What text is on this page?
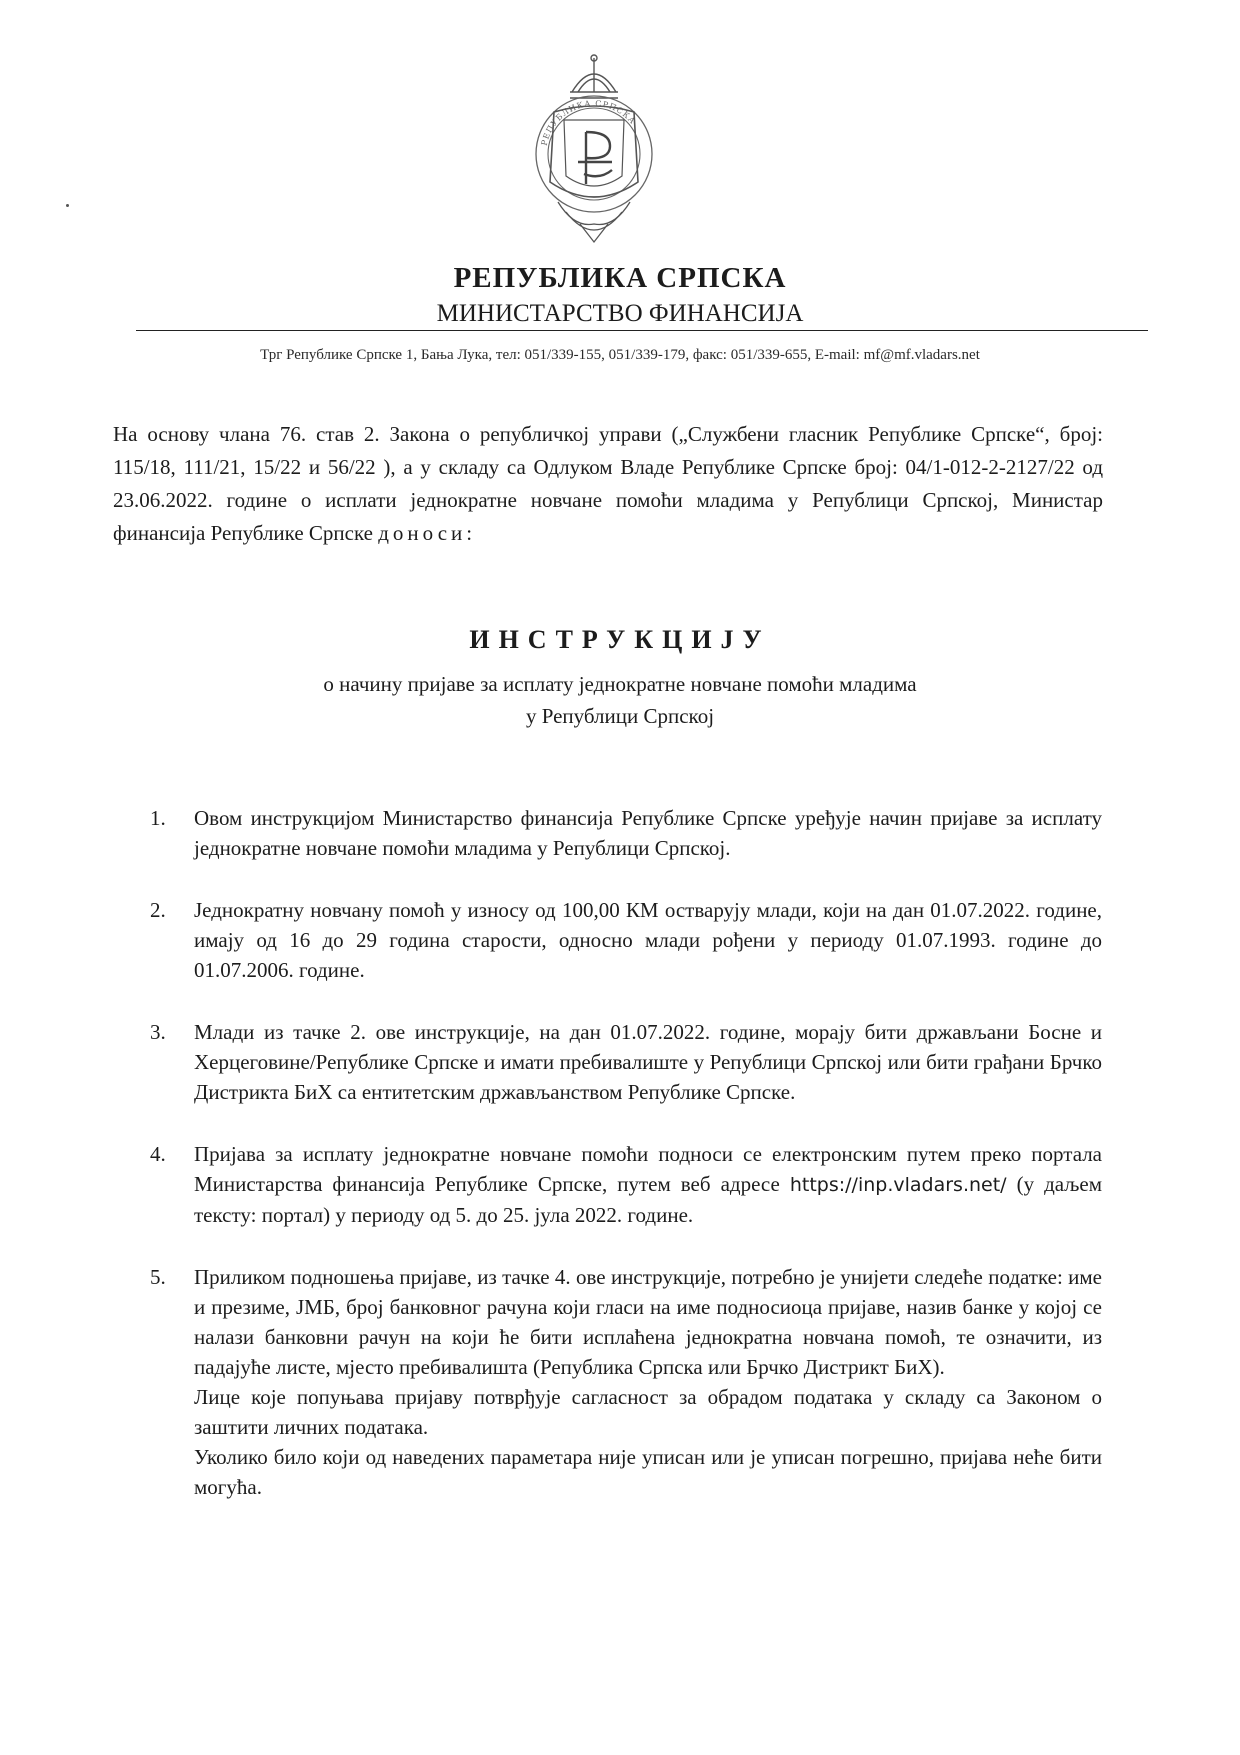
РЕПУБЛИКА СРПСКА
РЕПУБЛИКА СРПСКА
МИНИСТАРСТВО ФИНАНСИЈА
Трг Републике Српске 1, Бања Лука, тел: 051/339-155, 051/339-179, факс: 051/339-655, E-mail: mf@mf.vladars.net
На основу члана 76. став 2. Закона о републичкој управи („Службени гласник Републике Српске“, број: 115/18, 111/21, 15/22 и 56/22 ), а у складу са Одлуком Владе Републике Српске број: 04/1-012-2-2127/22 од 23.06.2022. године о исплати једнократне новчане помоћи младима у Републици Српској, Министар финансија Републике Српске доноси:
ИНСТРУКЦИЈУ
о начину пријаве за исплату једнократне новчане помоћи младима
у Републици Српској
1. Овом инструкцијом Министарство финансија Републике Српске уређује начин пријаве за исплату једнократне новчане помоћи младима у Републици Српској.

2. Једнократну новчану помоћ у износу од 100,00 КМ остварују млади, који на дан 01.07.2022. године, имају од 16 до 29 година старости, односно млади рођени у периоду 01.07.1993. године до 01.07.2006. године.

3. Млади из тачке 2. ове инструкције, на дан 01.07.2022. године, морају бити држављани Босне и Херцеговине/Републике Српске и имати пребивалиште у Републици Српској или бити грађани Брчко Дистрикта БиХ са ентитетским држављанством Републике Српске.

4. Пријава за исплату једнократне новчане помоћи подноси се електронским путем преко портала Министарства финансија Републике Српске, путем веб адресе https://inp.vladars.net/ (у даљем тексту: портал) у периоду од 5. до 25. јула 2022. године.

5. Приликом подношења пријаве, из тачке 4. ове инструкције, потребно је унијети следеће податке: име и презиме, ЈМБ, број банковног рачуна који гласи на име подносиоца пријаве, назив банке у којој се налази банковни рачун на који ће бити исплаћена једнократна новчана помоћ, те означити, из падајуће листе, мјесто пребивалишта (Република Српска или Брчко Дистрикт БиХ).

Лице које попуњава пријаву потврђује сагласност за обрадом података у складу са Законом о заштити личних података.

Уколико било који од наведених параметара није уписан или је уписан погрешно, пријава неће бити могућа.
